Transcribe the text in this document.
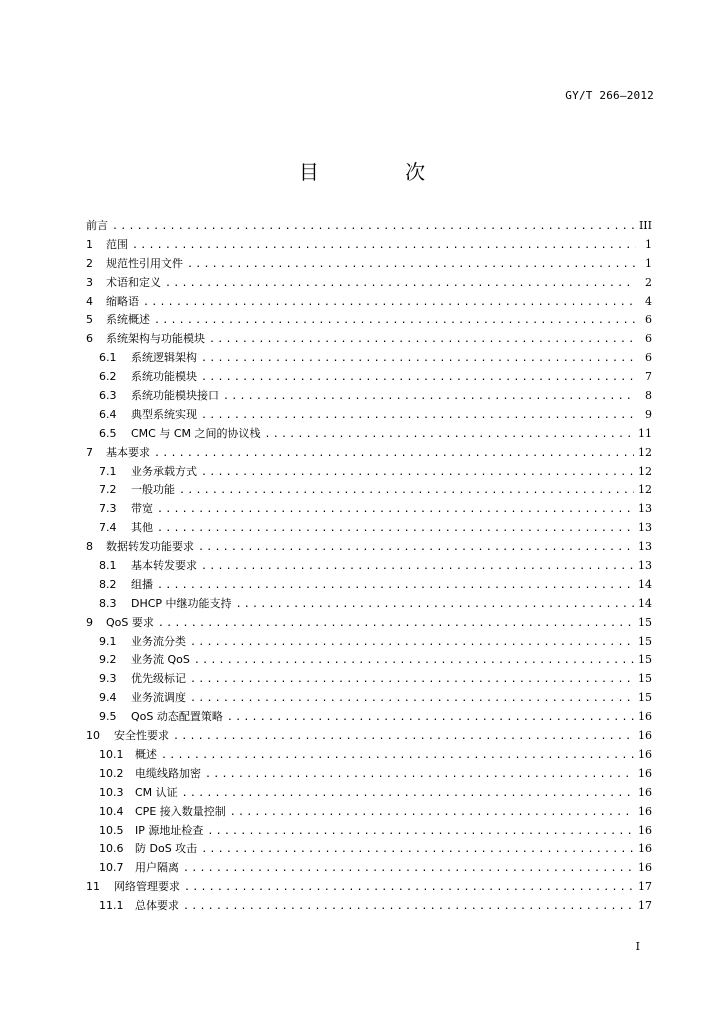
GY/T 266—2012
目 次
前言 .....	III
1	范围 .....	1
2	规范性引用文件 .....	1
3	术语和定义 .....	2
4	缩略语 .....	4
5	系统概述 .....	6
6	系统架构与功能模块 .....	6
6.1	系统逻辑架构 .....	6
6.2	系统功能模块 .....	7
6.3	系统功能模块接口 .....	8
6.4	典型系统实现 .....	9
6.5	CMC 与 CM 之间的协议栈 .....	11
7	基本要求 .....	12
7.1	业务承载方式 .....	12
7.2	一般功能 .....	12
7.3	带宽 .....	13
7.4	其他 .....	13
8	数据转发功能要求 .....	13
8.1	基本转发要求 .....	13
8.2	组播 .....	14
8.3	DHCP 中继功能支持 .....	14
9	QoS 要求 .....	15
9.1	业务流分类 .....	15
9.2	业务流 QoS .....	15
9.3	优先级标记 .....	15
9.4	业务流调度 .....	15
9.5	QoS 动态配置策略 .....	16
10	安全性要求 .....	16
10.1	概述 .....	16
10.2	电缆线路加密 .....	16
10.3	CM 认证 .....	16
10.4	CPE 接入数量控制 .....	16
10.5	IP 源地址检查 .....	16
10.6	防 DoS 攻击 .....	16
10.7	用户隔离 .....	16
11	网络管理要求 .....	17
11.1	总体要求 .....	17
I
